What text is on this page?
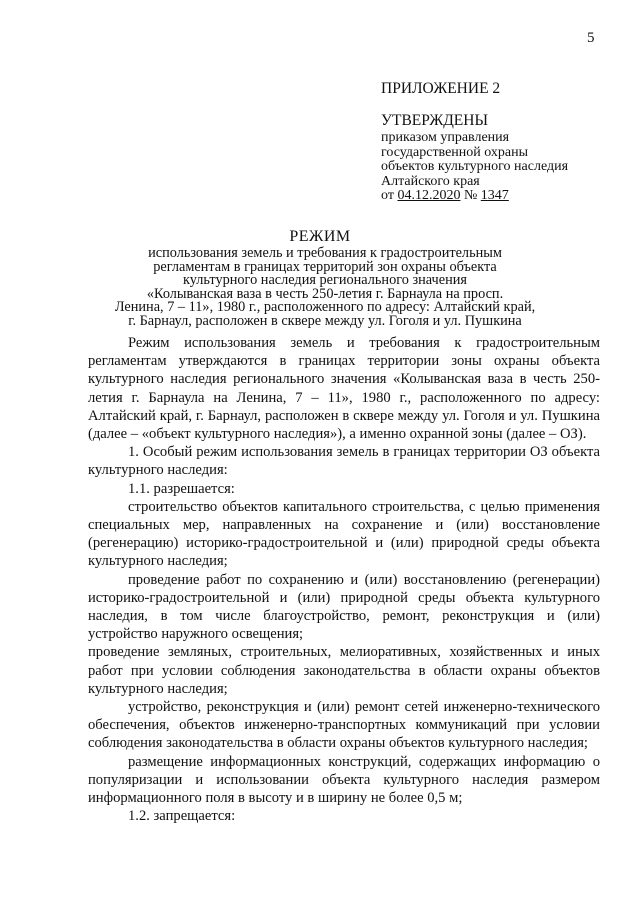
5
ПРИЛОЖЕНИЕ 2
УТВЕРЖДЕНЫ
приказом управления
государственной охраны
объектов культурного наследия
Алтайского края
от 04.12.2020 № 1347
РЕЖИМ
использования земель и требования к градостроительным
регламентам в границах территорий зон охраны объекта
культурного наследия регионального значения
«Колыванская ваза в честь 250-летия г. Барнаула на просп.
Ленина, 7 – 11», 1980 г., расположенного по адресу: Алтайский край,
г. Барнаул, расположен в сквере между ул. Гоголя и ул. Пушкина

Режим использования земель и требования к градостроительным регламентам утверждаются в границах территории зоны охраны объекта культурного наследия регионального значения «Колыванская ваза в честь 250-летия г. Барнаула на Ленина, 7 – 11», 1980 г., расположенного по адресу: Алтайский край, г. Барнаул, расположен в сквере между ул. Гоголя и ул. Пушкина (далее – «объект культурного наследия»), а именно охранной зоны (далее – ОЗ).

1. Особый режим использования земель в границах территории ОЗ объекта культурного наследия:

1.1. разрешается:

строительство объектов капитального строительства, с целью применения специальных мер, направленных на сохранение и (или) восстановление (регенерацию) историко-градостроительной и (или) природной среды объекта культурного наследия;

проведение работ по сохранению и (или) восстановлению (регенерации) историко-градостроительной и (или) природной среды объекта культурного наследия, в том числе благоустройство, ремонт, реконструкция и (или) устройство наружного освещения;

проведение земляных, строительных, мелиоративных, хозяйственных и иных работ при условии соблюдения законодательства в области охраны объектов культурного наследия;

устройство, реконструкция и (или) ремонт сетей инженерно-технического обеспечения, объектов инженерно-транспортных коммуникаций при условии соблюдения законодательства в области охраны объектов культурного наследия;

размещение информационных конструкций, содержащих информацию о популяризации и использовании объекта культурного наследия размером информационного поля в высоту и в ширину не более 0,5 м;

1.2. запрещается:
